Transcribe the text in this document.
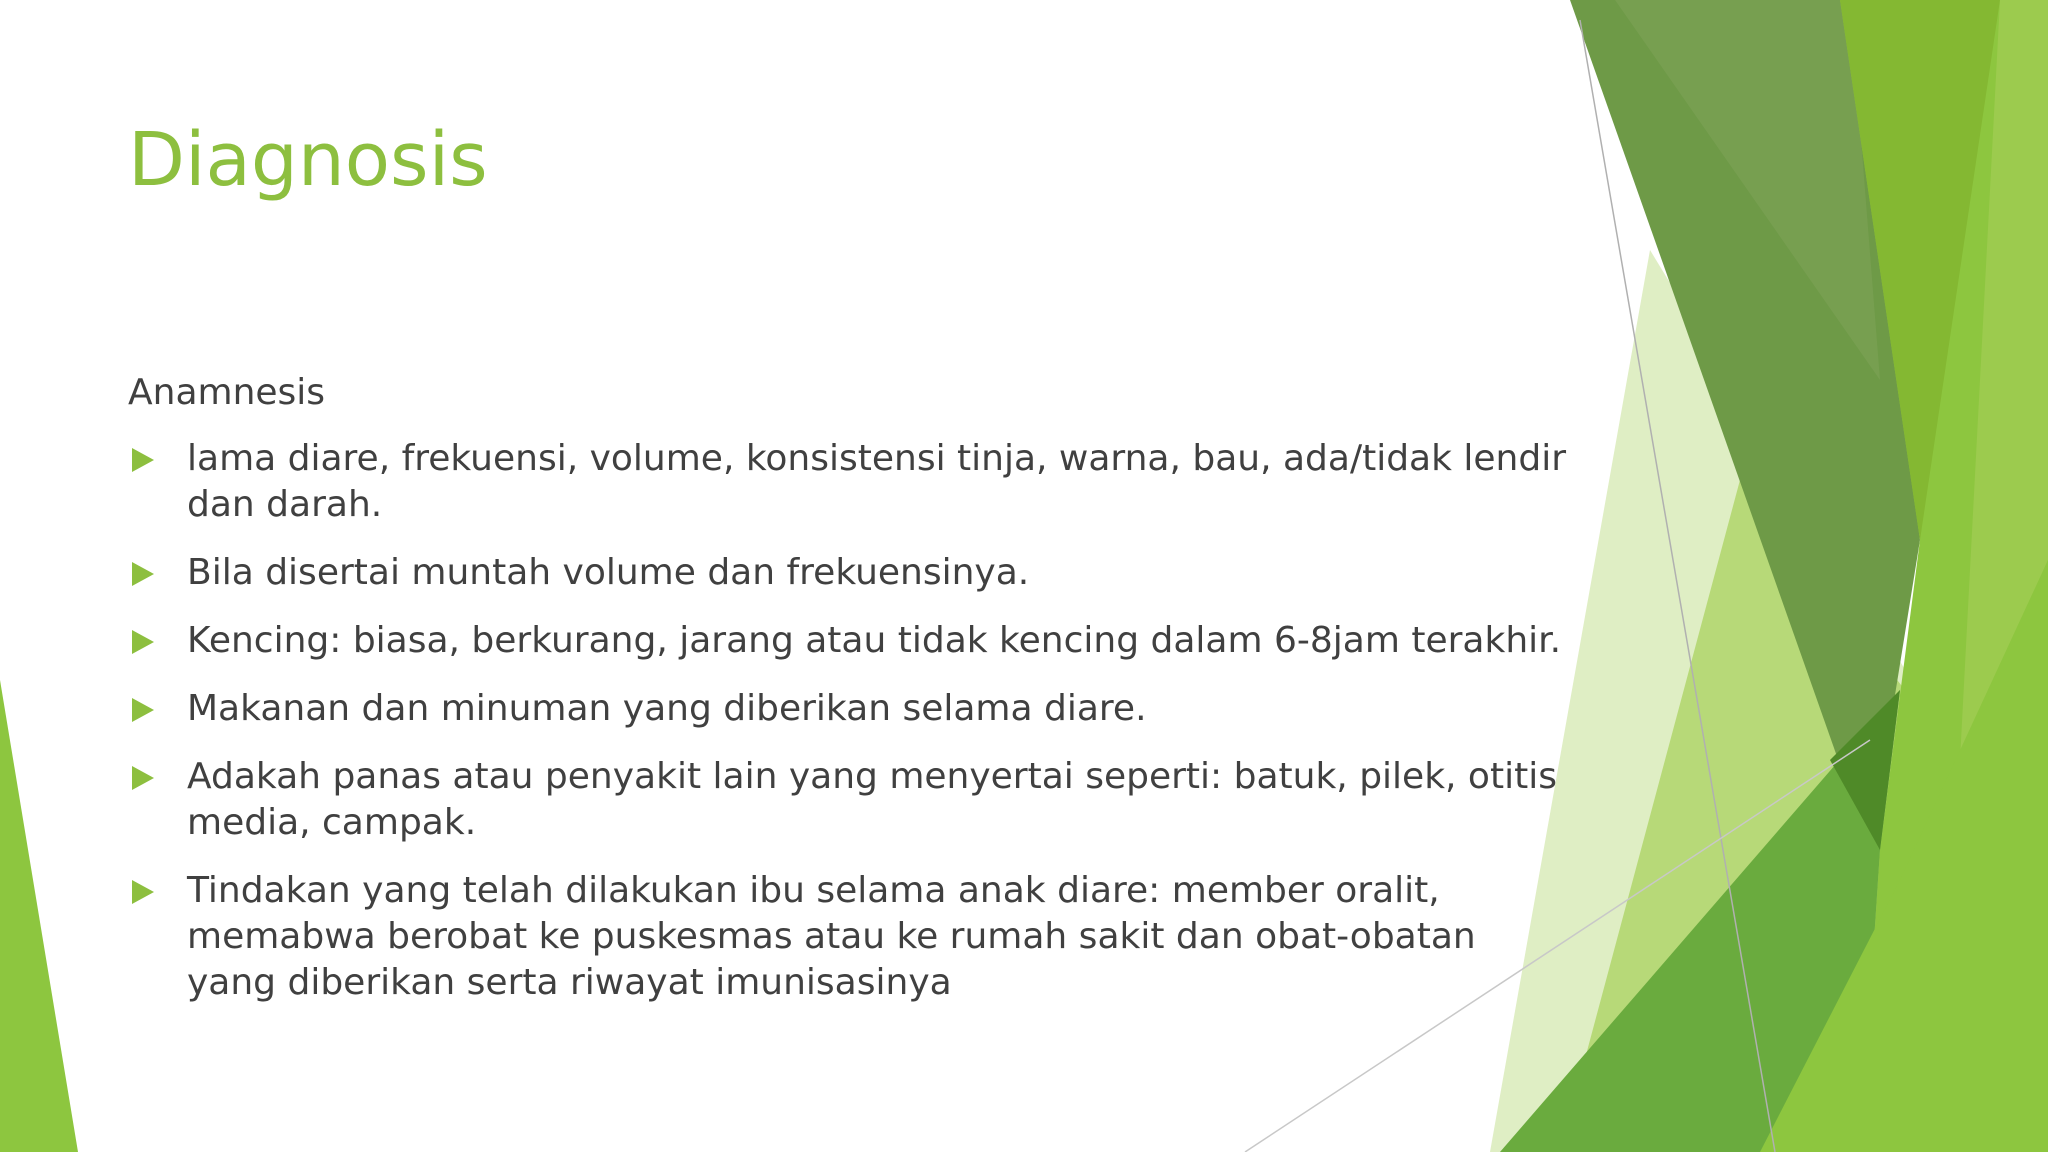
Diagnosis
Anamnesis
lama diare, frekuensi, volume, konsistensi tinja, warna, bau, ada/tidak lendir dan darah.
Bila disertai muntah volume dan frekuensinya.
Kencing: biasa, berkurang, jarang atau tidak kencing dalam 6-8jam terakhir.
Makanan dan minuman yang diberikan selama diare.
Adakah panas atau penyakit lain yang menyertai seperti: batuk, pilek, otitis media, campak.
Tindakan yang telah dilakukan ibu selama anak diare: member oralit, memabwa berobat ke puskesmas atau ke rumah sakit dan obat-obatan yang diberikan serta riwayat imunisasinya
